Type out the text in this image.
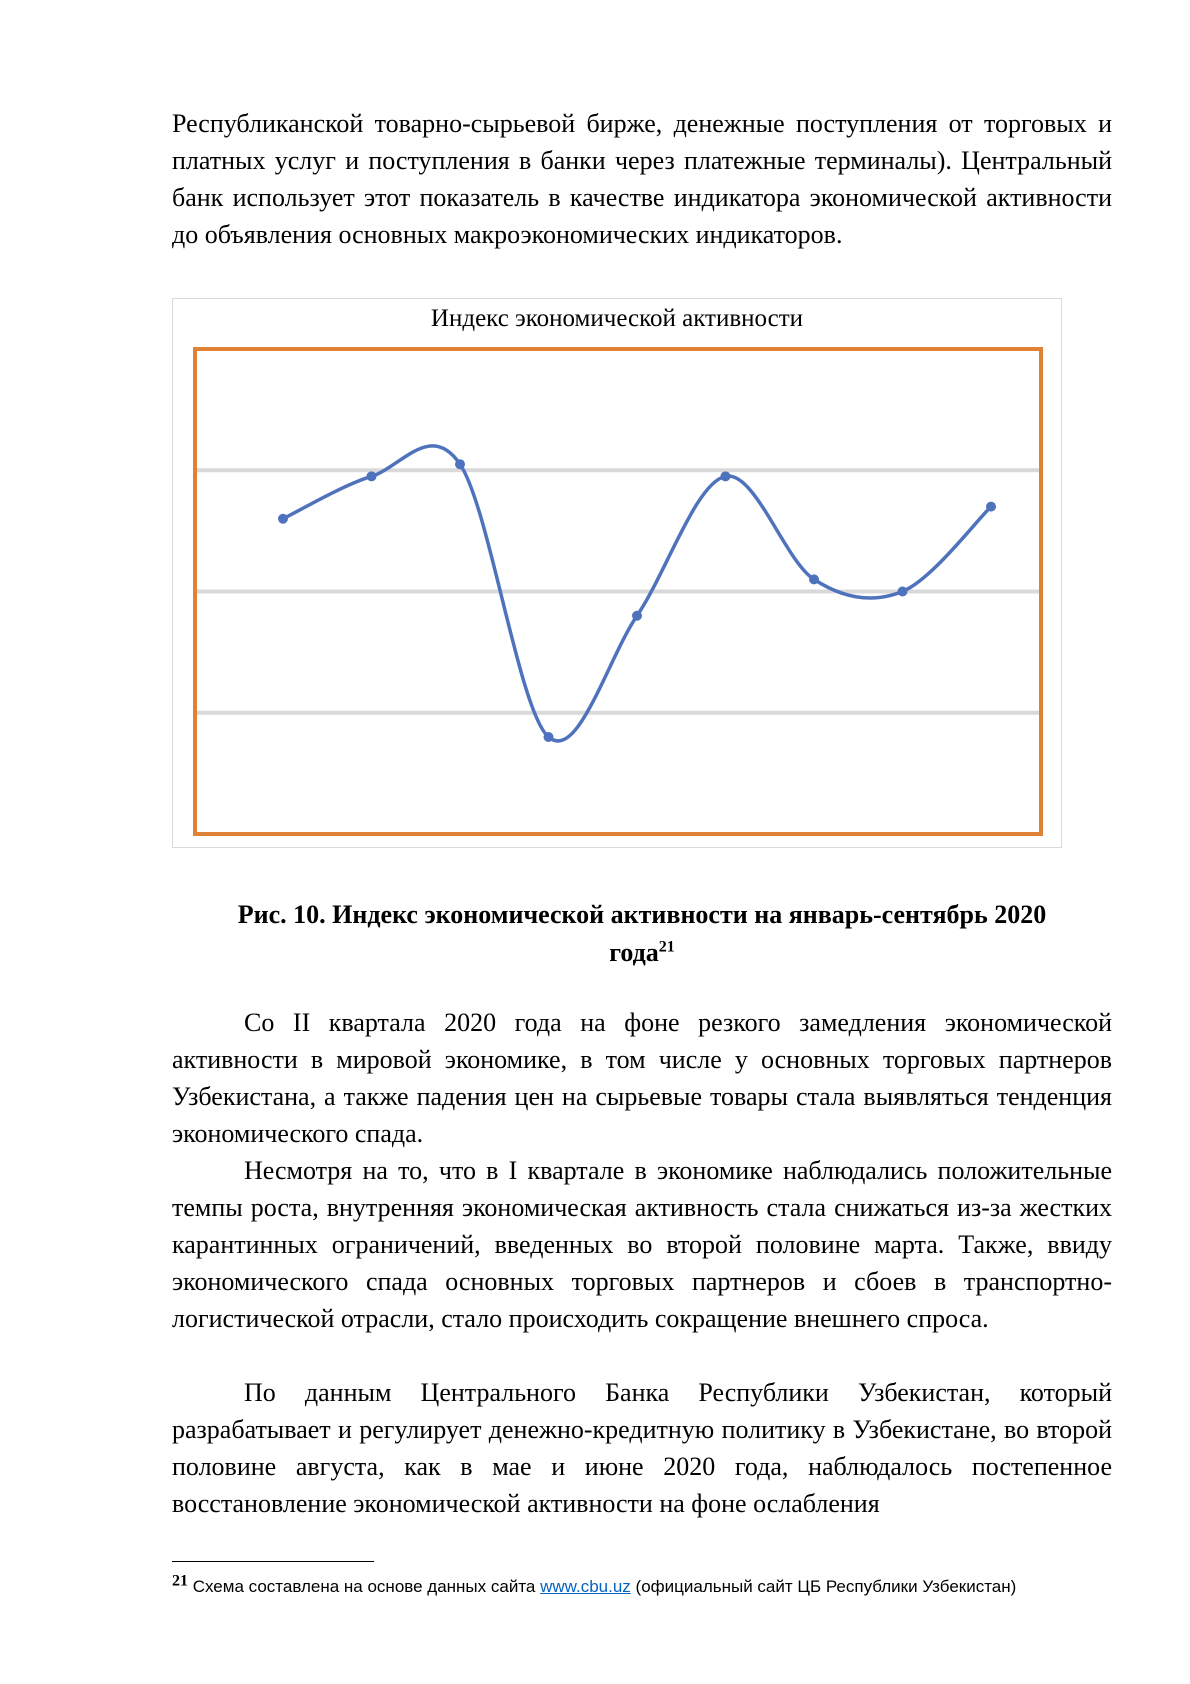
Республиканской товарно-сырьевой бирже, денежные поступления от торговых и платных услуг и поступления в банки через платежные терминалы). Центральный банк использует этот показатель в качестве индикатора экономической активности до объявления основных макроэкономических индикаторов.

Индекс экономической активности

Рис. 10. Индекс экономической активности на январь-сентябрь 2020
года$^{21}$

Со II квартала 2020 года на фоне резкого замедления экономической активности в мировой экономике, в том числе у основных торговых партнеров Узбекистана, а также падения цен на сырьевые товары стала выявляться тенденция экономического спада.

Несмотря на то, что в I квартале в экономике наблюдались положительные темпы роста, внутренняя экономическая активность стала снижаться из-за жестких карантинных ограничений, введенных во второй половине марта. Также, ввиду экономического спада основных торговых партнеров и сбоев в транспортно-логистической отрасли, стало происходить сокращение внешнего спроса.

По данным Центрального Банка Республики Узбекистан, который разрабатывает и регулирует денежно-кредитную политику в Узбекистане, во второй половине августа, как в мае и июне 2020 года, наблюдалось постепенное восстановление экономической активности на фоне ослабления

21 Схема составлена на основе данных сайта www.cbu.uz (официальный сайт ЦБ Республики Узбекистан)
